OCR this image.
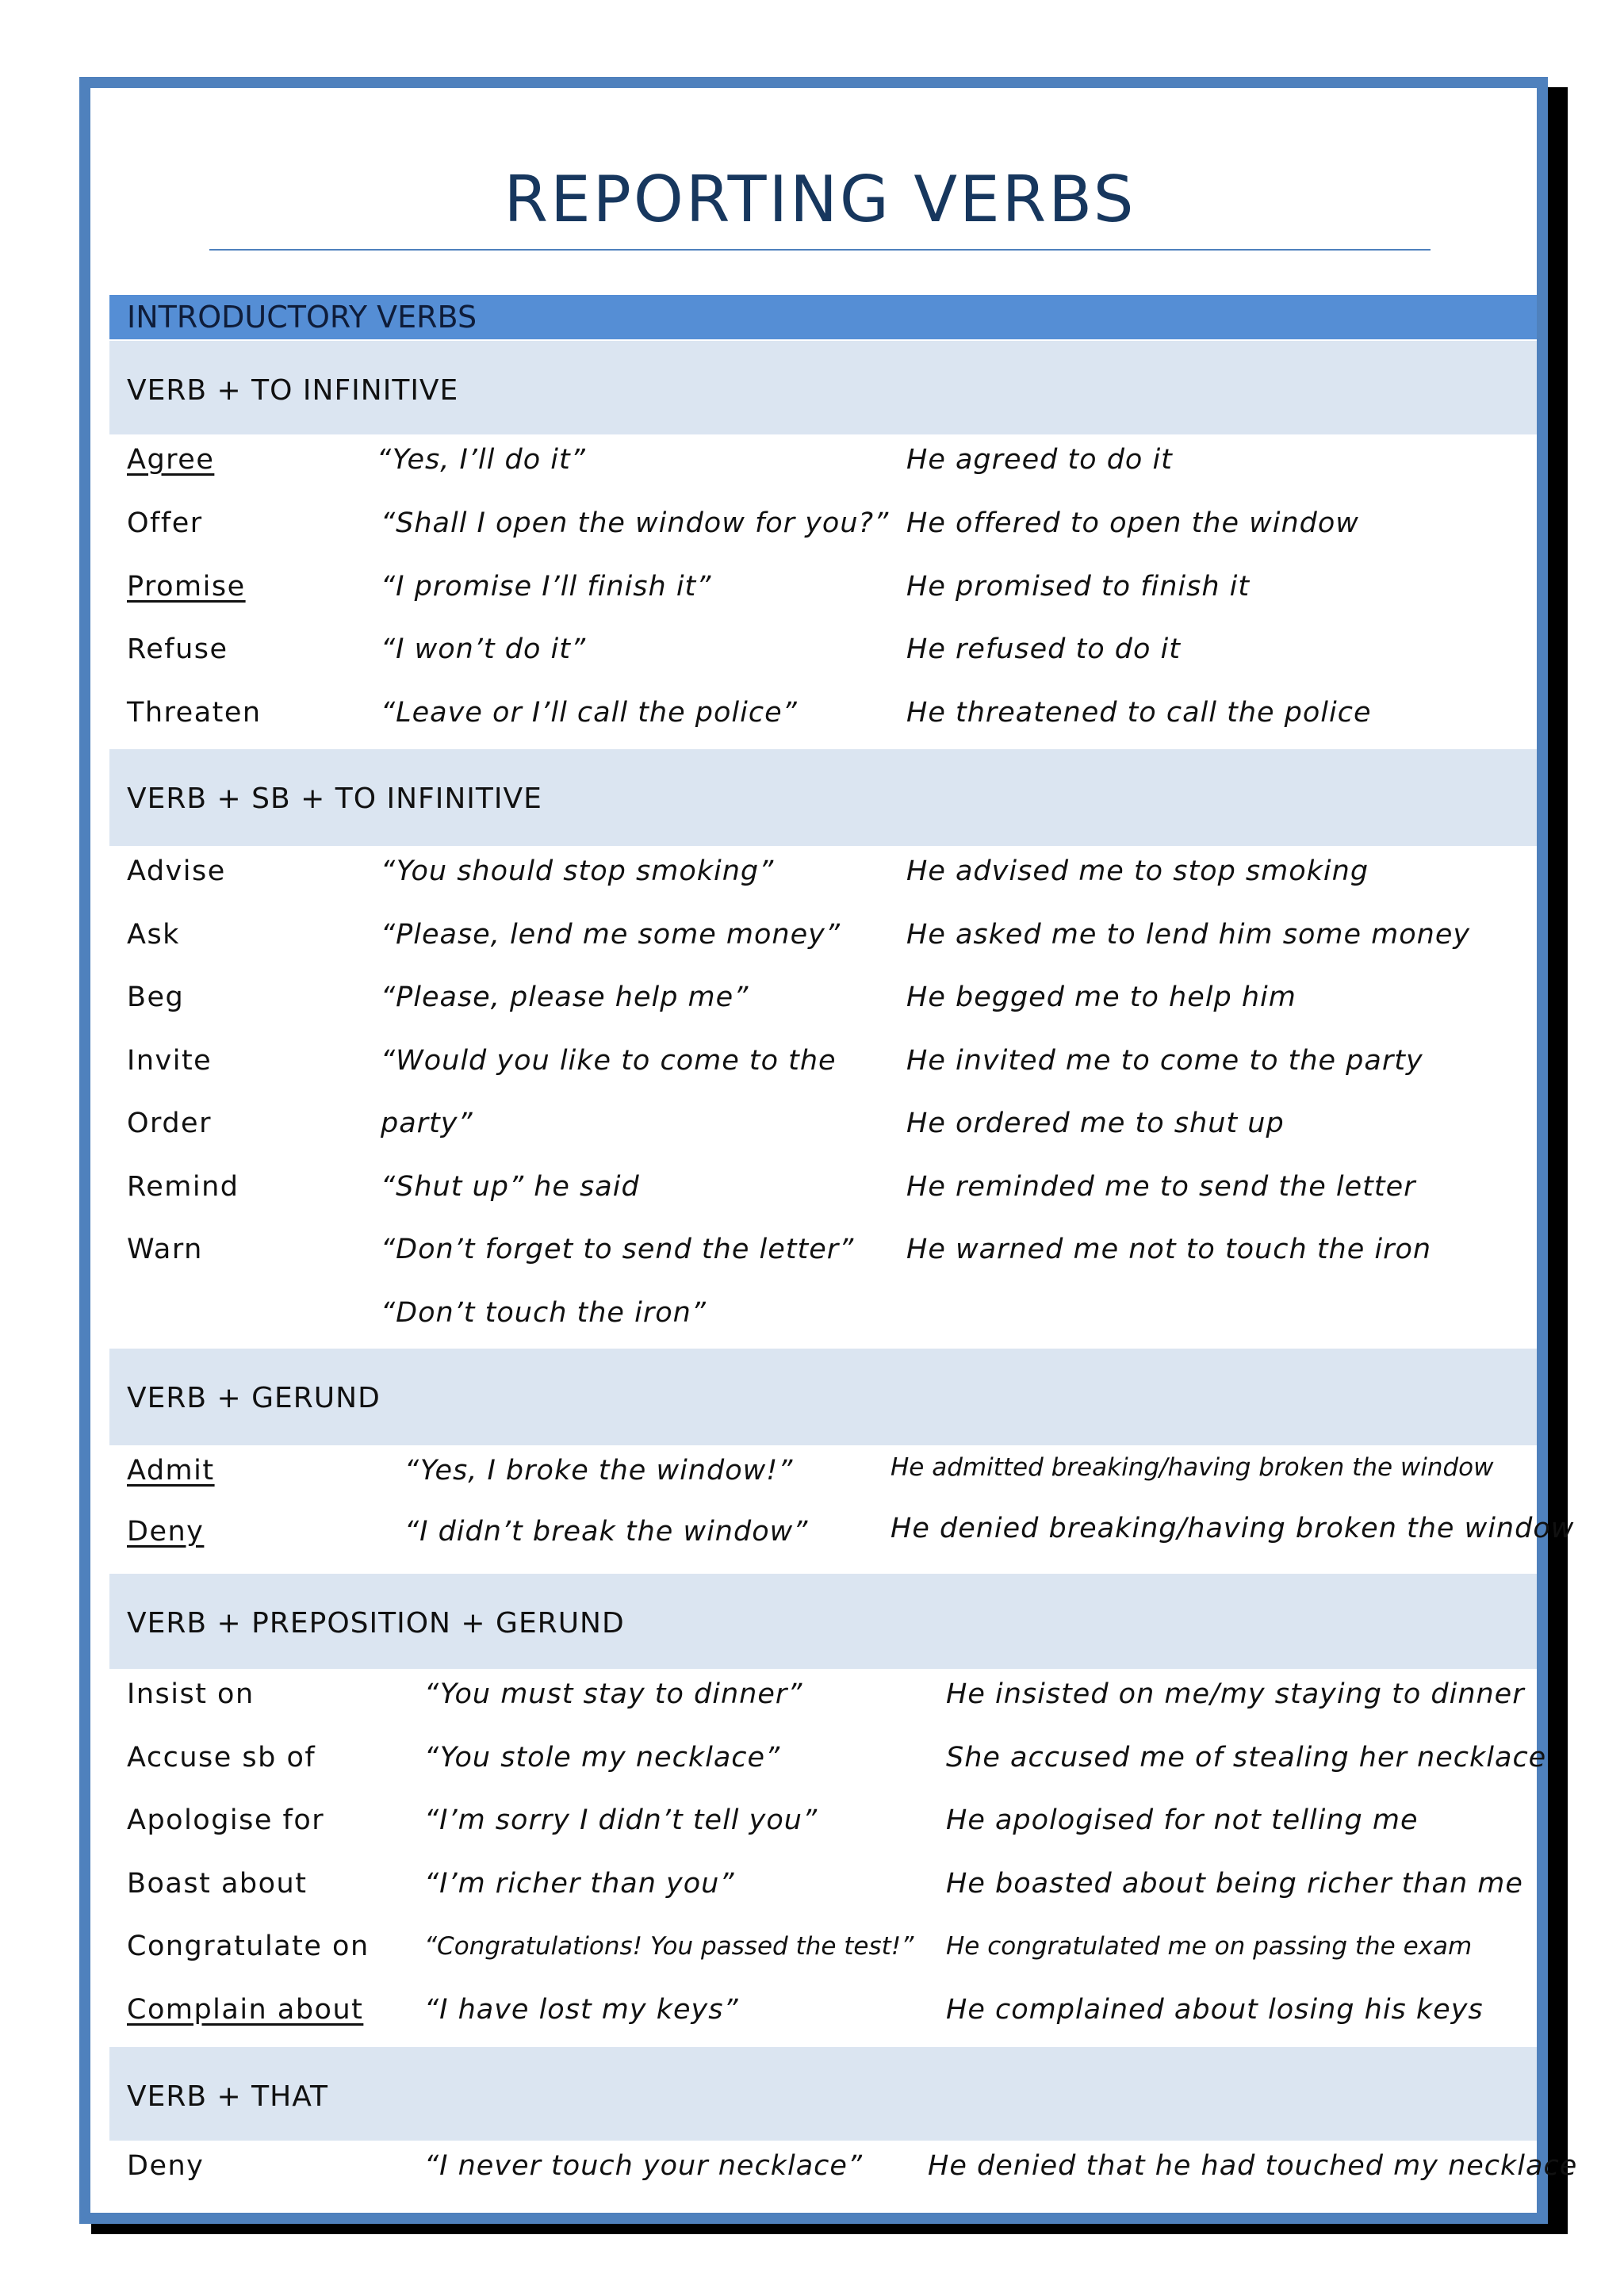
REPORTING VERBS
INTRODUCTORY VERBS
VERB + TO INFINITIVE
Agree	“Yes, I’ll do it”	He agreed to do it
Offer	“Shall I open the window for you?” He offered to open the window
Promise	“I promise I’ll finish it”	He promised to finish it
Refuse	“I won’t do it”	He refused to do it
Threaten	“Leave or I’ll call the police”	He threatened to call the police
VERB + SB + TO INFINITIVE
Advise	“You should stop smoking”	He advised me to stop smoking
Ask	“Please, lend me some money” He asked me to lend him some money
Beg	“Please, please help me”	He begged me to help him
Invite	“Would you like to come to the	He invited me to come to the party
Order	party”	He ordered me to shut up
Remind	“Shut up” he said	He reminded me to send the letter
Warn	“Don’t forget to send the letter” He warned me not to touch the iron
“Don’t touch the iron”
VERB + GERUND
Admit	“Yes, I broke the window!”	He admitted breaking/having broken the window
Deny	“I didn’t break the window”	He denied breaking/having broken the window
VERB + PREPOSITION + GERUND
Insist on	“You must stay to dinner”	He insisted on me/my staying to dinner
Accuse sb of	“You stole my necklace”	She accused me of stealing her necklace
Apologise for	“I’m sorry I didn’t tell you”	He apologised for not telling me
Boast about	“I’m richer than you”	He boasted about being richer than me
Congratulate on “Congratulations! You passed the test!” He congratulated me on passing the exam
Complain about “I have lost my keys”	He complained about losing his keys
VERB + THAT
Deny	“I never touch your necklace” He denied that he had touched my necklace
